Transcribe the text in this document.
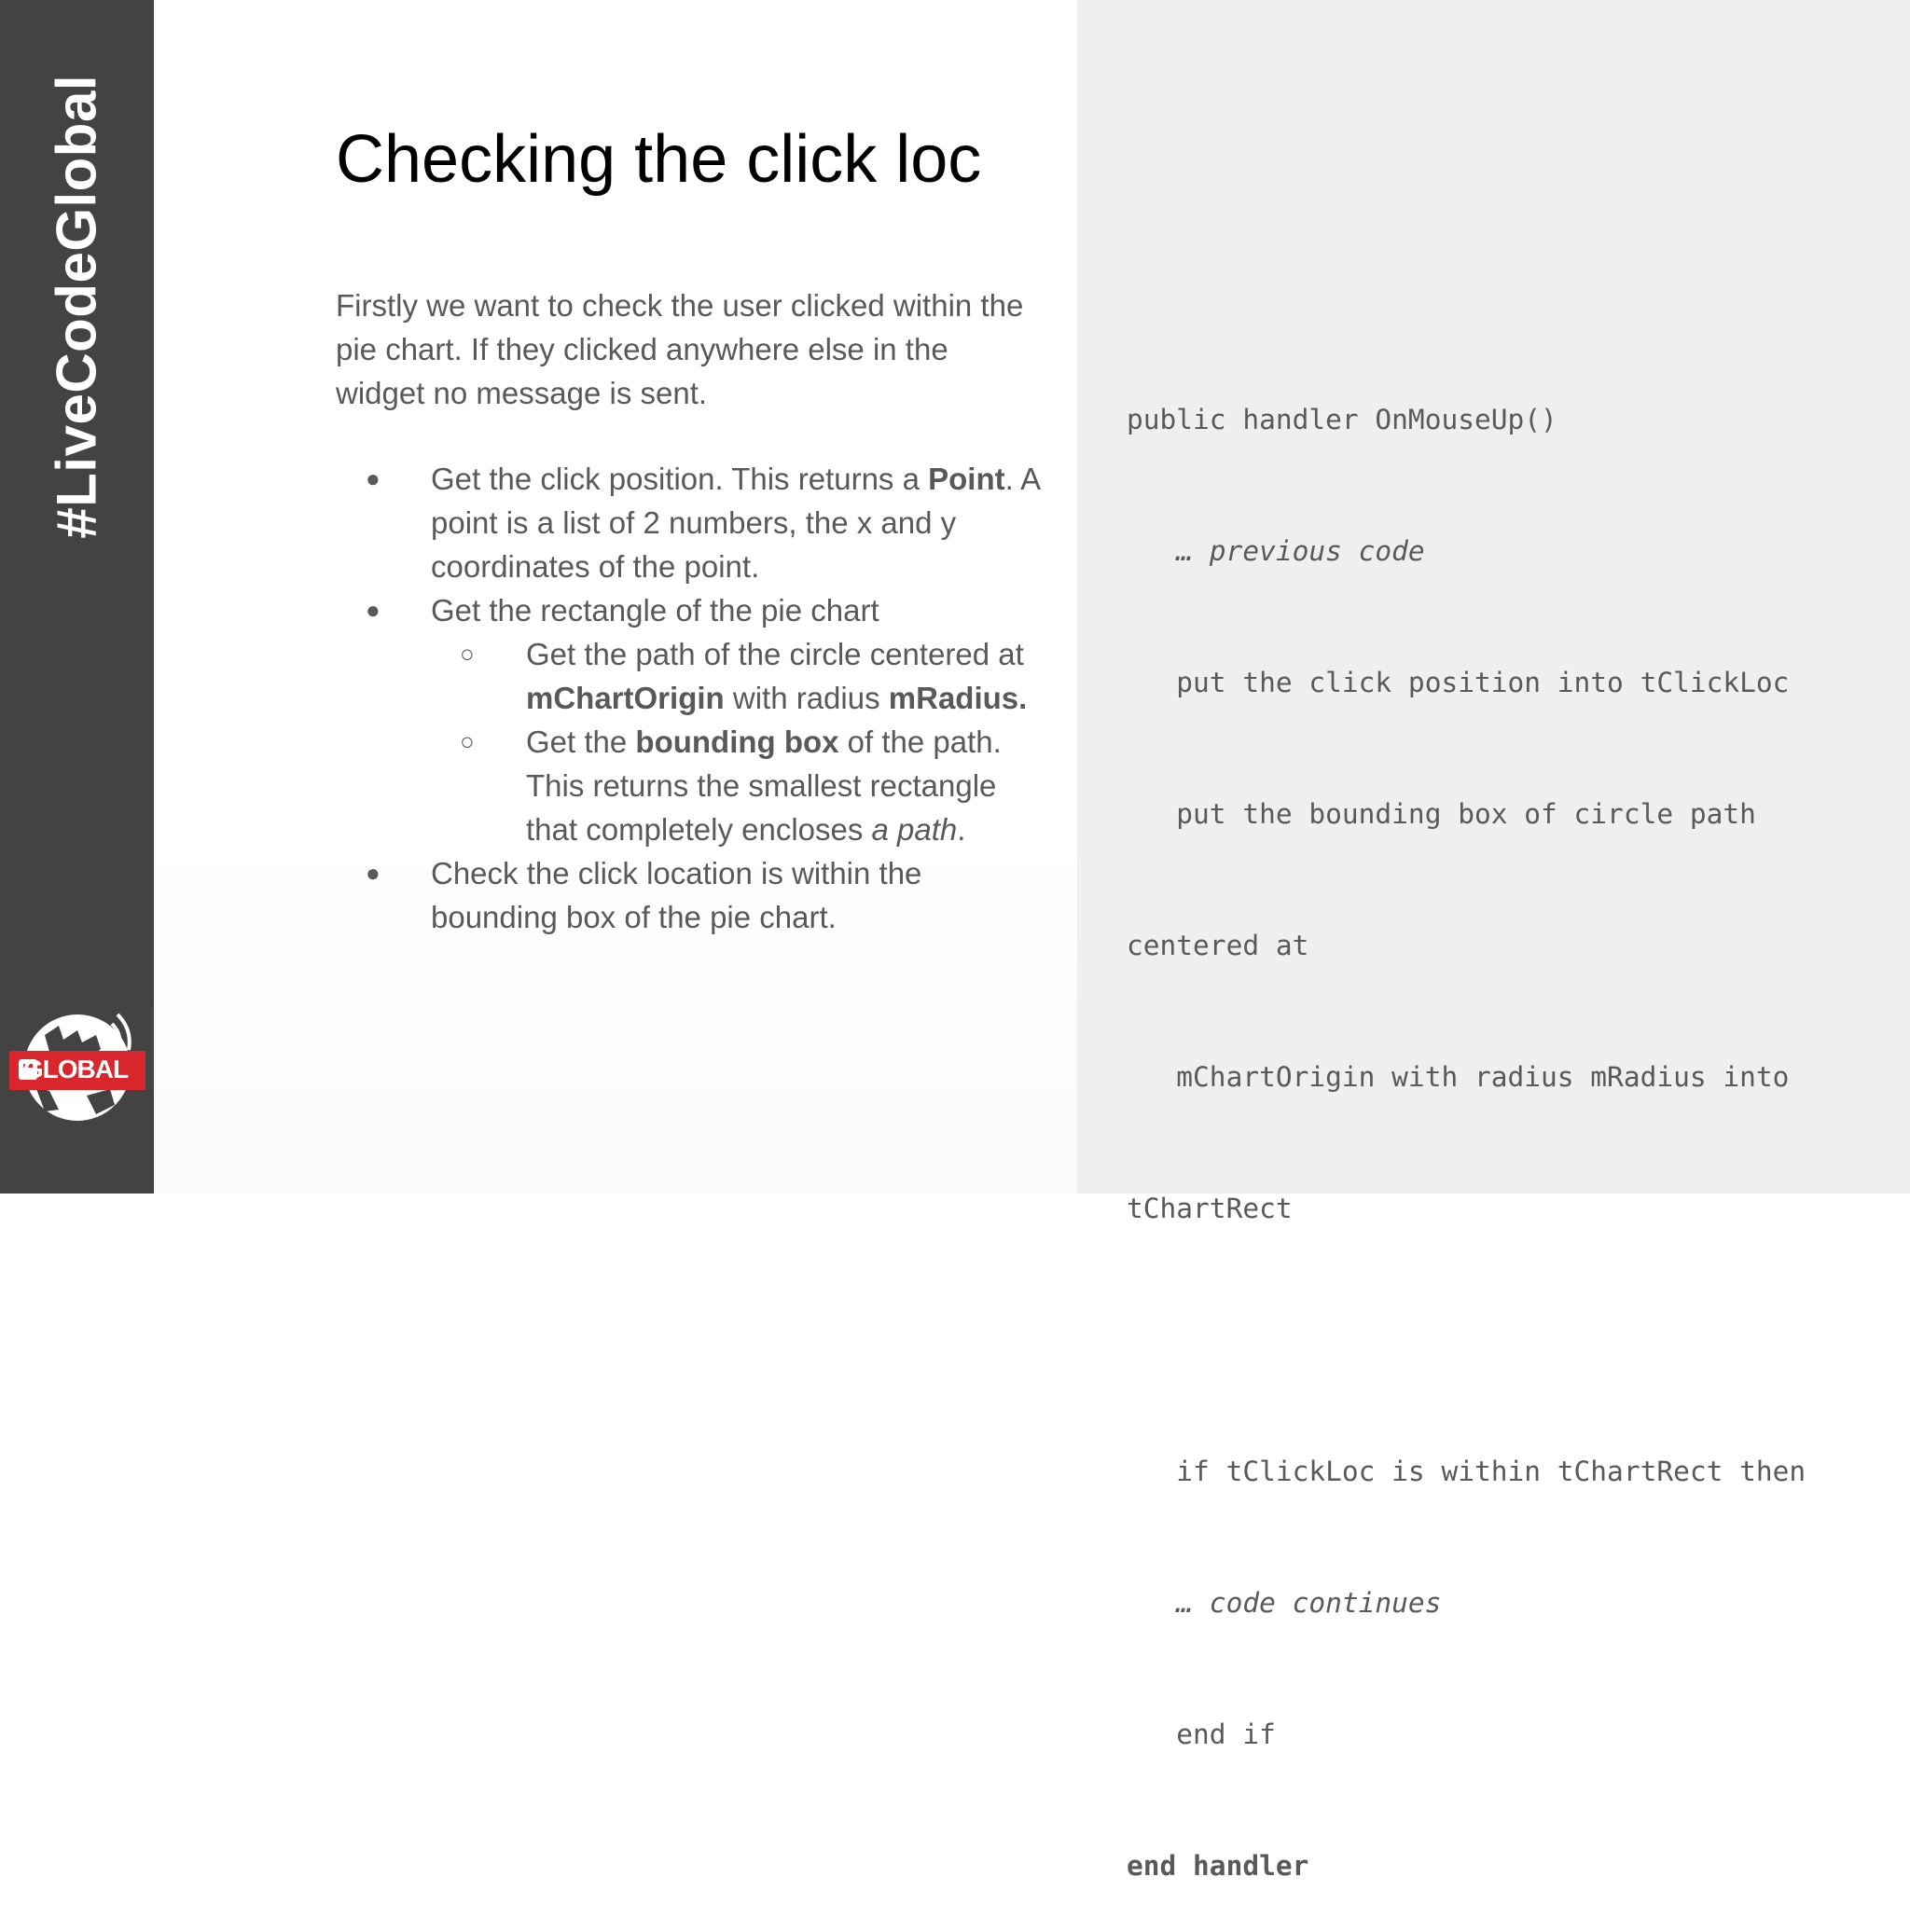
#LiveCodeGlobal
GLOBAL
Checking the click loc

Firstly we want to check the user clicked within the pie chart. If they clicked anywhere else in the widget no message is sent.

● Get the click position. This returns a Point. A point is a list of 2 numbers, the x and y coordinates of the point.
● Get the rectangle of the pie chart
○ Get the path of the circle centered at mChartOrigin with radius mRadius.
○ Get the bounding box of the path. This returns the smallest rectangle that completely encloses a path.
● Check the click location is within the bounding box of the pie chart.

public handler OnMouseUp()

… previous code

put the click position into tClickLoc

put the bounding box of circle path

centered at

mChartOrigin with radius mRadius into

tChartRect

if tClickLoc is within tChartRect then

… code continues

end if

end handler
